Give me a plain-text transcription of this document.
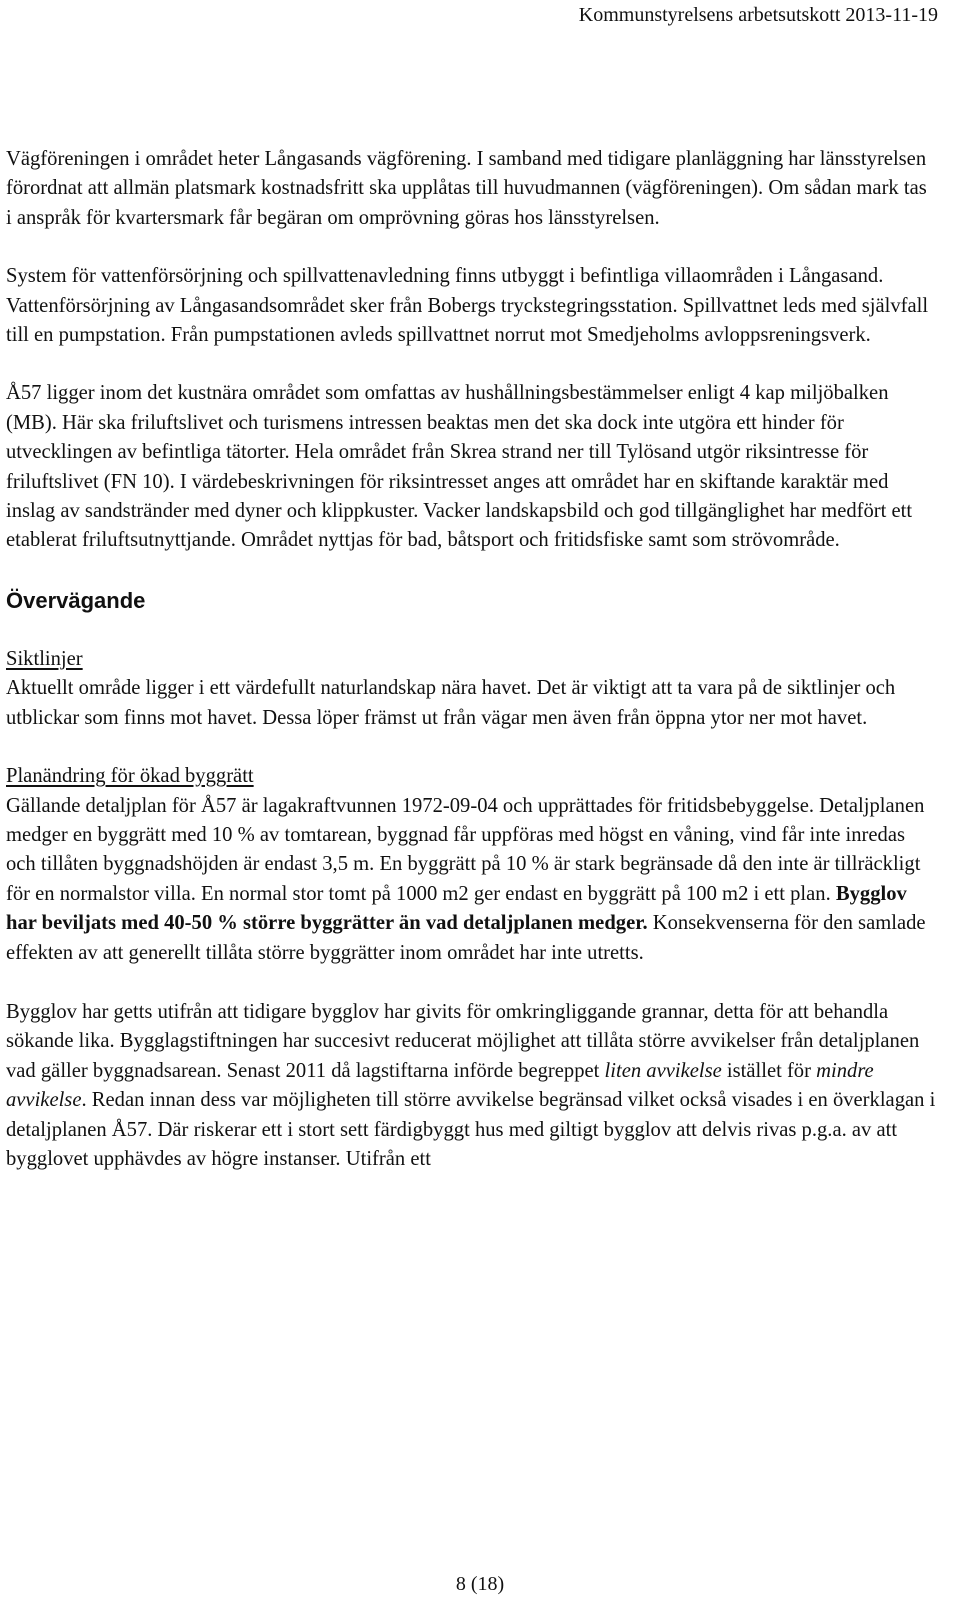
Kommunstyrelsens arbetsutskott 2013-11-19

Vägföreningen i området heter Långasands vägförening. I samband med tidigare planläggning har länsstyrelsen förordnat att allmän platsmark kostnadsfritt ska upplåtas till huvudmannen (vägföreningen). Om sådan mark tas i anspråk för kvartersmark får begäran om omprövning göras hos länsstyrelsen.

System för vattenförsörjning och spillvattenavledning finns utbyggt i befintliga villaområden i Långasand. Vattenförsörjning av Långasandsområdet sker från Bobergs tryckstegringsstation. Spillvattnet leds med självfall till en pumpstation. Från pumpstationen avleds spillvattnet norrut mot Smedjeholms avloppsreningsverk.

Å57 ligger inom det kustnära området som omfattas av hushållningsbestämmelser enligt 4 kap miljöbalken (MB). Här ska friluftslivet och turismens intressen beaktas men det ska dock inte utgöra ett hinder för utvecklingen av befintliga tätorter. Hela området från Skrea strand ner till Tylösand utgör riksintresse för friluftslivet (FN 10). I värdebeskrivningen för riksintresset anges att området har en skiftande karaktär med inslag av sandstränder med dyner och klippkuster. Vacker landskapsbild och god tillgänglighet har medfört ett etablerat friluftsutnyttjande. Området nyttjas för bad, båtsport och fritidsfiske samt som strövområde.

Övervägande
Siktlinjer

Aktuellt område ligger i ett värdefullt naturlandskap nära havet. Det är viktigt att ta vara på de siktlinjer och utblickar som finns mot havet. Dessa löper främst ut från vägar men även från öppna ytor ner mot havet.

Planändring för ökad byggrätt

Gällande detaljplan för Å57 är lagakraftvunnen 1972-09-04 och upprättades för fritidsbebyggelse. Detaljplanen medger en byggrätt med 10 % av tomtarean, byggnad får uppföras med högst en våning, vind får inte inredas och tillåten byggnadshöjden är endast 3,5 m. En byggrätt på 10 % är stark begränsade då den inte är tillräckligt för en normalstor villa. En normal stor tomt på 1000 m2 ger endast en byggrätt på 100 m2 i ett plan. Bygglov har beviljats med 40-50 % större byggrätter än vad detaljplanen medger. Konsekvenserna för den samlade effekten av att generellt tillåta större byggrätter inom området har inte utretts.

Bygglov har getts utifrån att tidigare bygglov har givits för omkringliggande grannar, detta för att behandla sökande lika. Bygglagstiftningen har succesivt reducerat möjlighet att tillåta större avvikelser från detaljplanen vad gäller byggnadsarean. Senast 2011 då lagstiftarna införde begreppet liten avvikelse istället för mindre avvikelse. Redan innan dess var möjligheten till större avvikelse begränsad vilket också visades i en överklagan i detaljplanen Å57. Där riskerar ett i stort sett färdigbyggt hus med giltigt bygglov att delvis rivas p.g.a. av att bygglovet upphävdes av högre instanser. Utifrån ett

8 (18)
